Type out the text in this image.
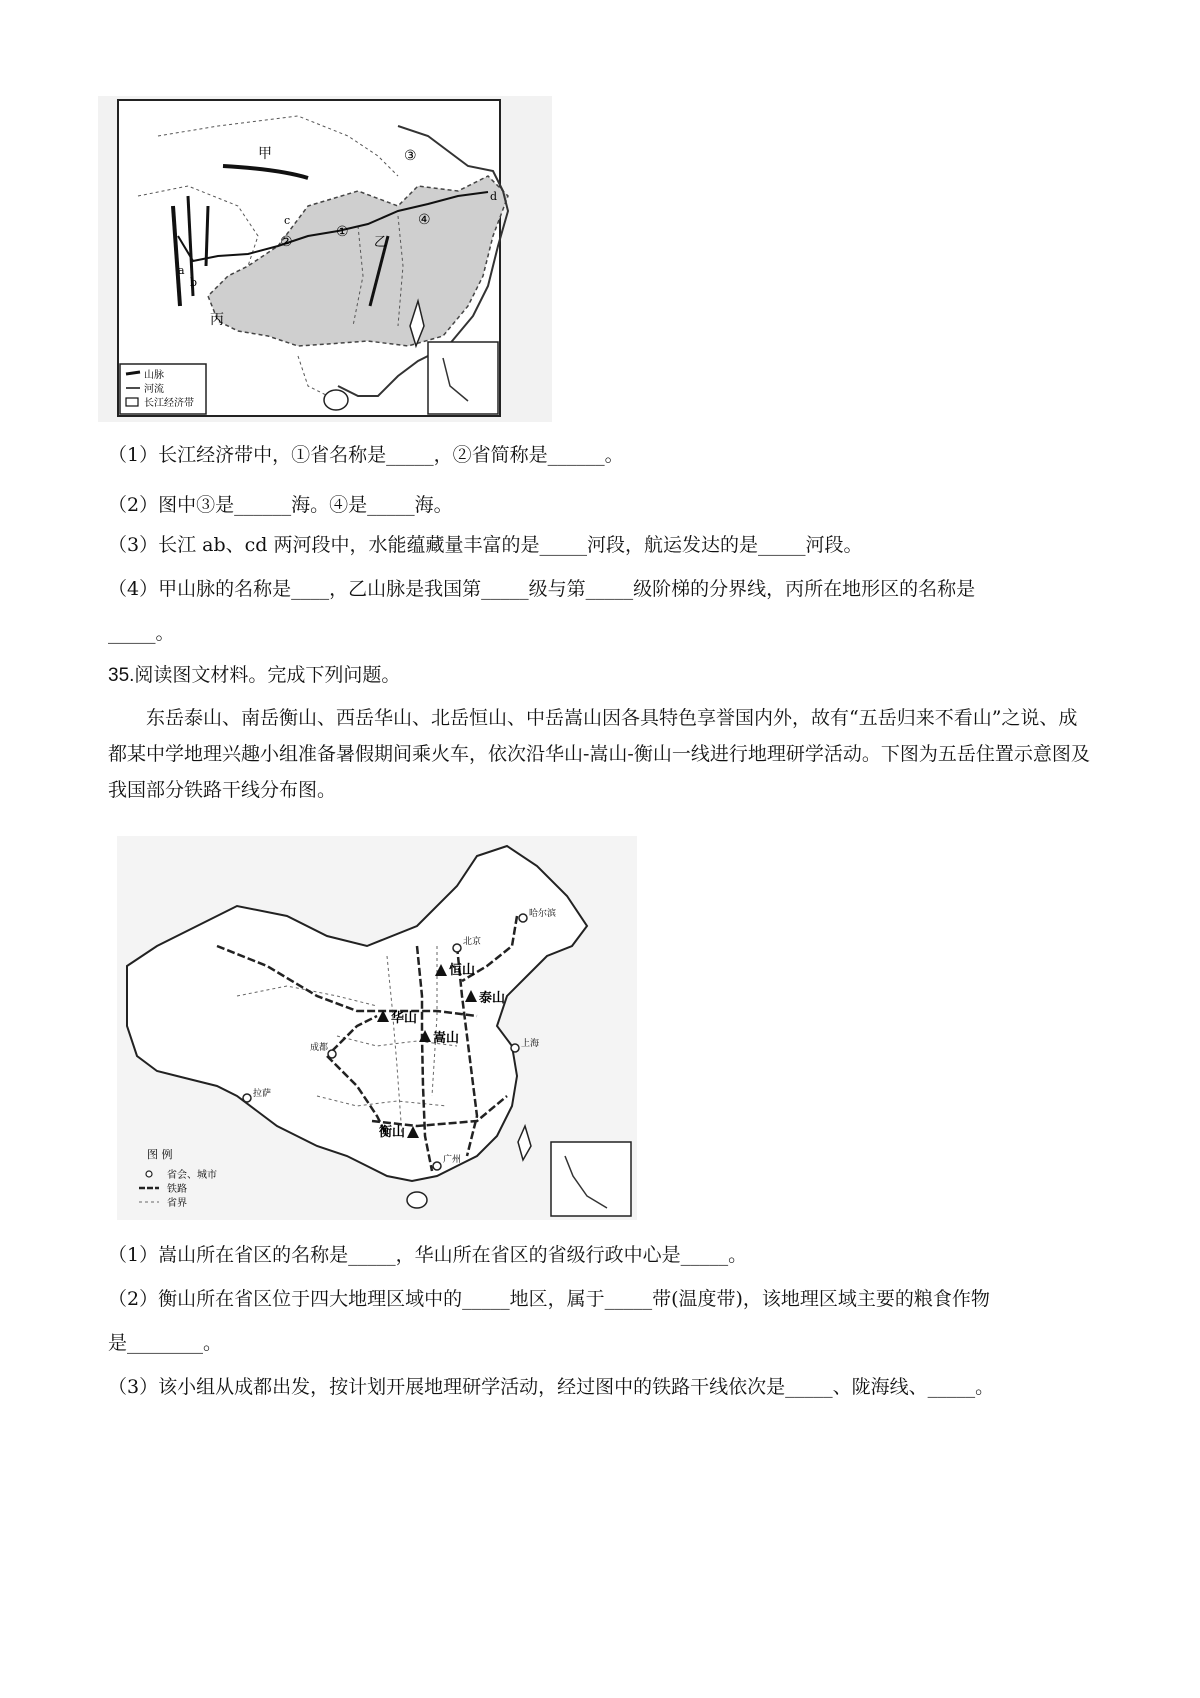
山脉
河流
长江经济带
甲
乙
丙
②
①
③
④
a
b
c
d
（1）长江经济带中，①省名称是_____，②省简称是______。
（2）图中③是______海。④是_____海。
（3）长江 ab、cd 两河段中，水能蕴藏量丰富的是_____河段，航运发达的是_____河段。
（4）甲山脉的名称是____，乙山脉是我国第_____级与第_____级阶梯的分界线，丙所在地形区的名称是
_____。
35.阅读图文材料。完成下列问题。
东岳泰山、南岳衡山、西岳华山、北岳恒山、中岳嵩山因各具特色享誉国内外，故有“五岳归来不看山”之说、成都某中学地理兴趣小组准备暑假期间乘火车，依次沿华山-嵩山-衡山一线进行地理研学活动。下图为五岳住置示意图及我国部分铁路干线分布图。
恒山
泰山
华山
嵩山
衡山
成都	上海
广州
拉萨
哈尔滨
北京
图 例
省会、城市
铁路
省界
（1）嵩山所在省区的名称是_____，华山所在省区的省级行政中心是_____。
（2）衡山所在省区位于四大地理区域中的_____地区，属于_____带(温度带)，该地理区域主要的粮食作物
是________。
（3）该小组从成都出发，按计划开展地理研学活动，经过图中的铁路干线依次是_____、陇海线、_____。
